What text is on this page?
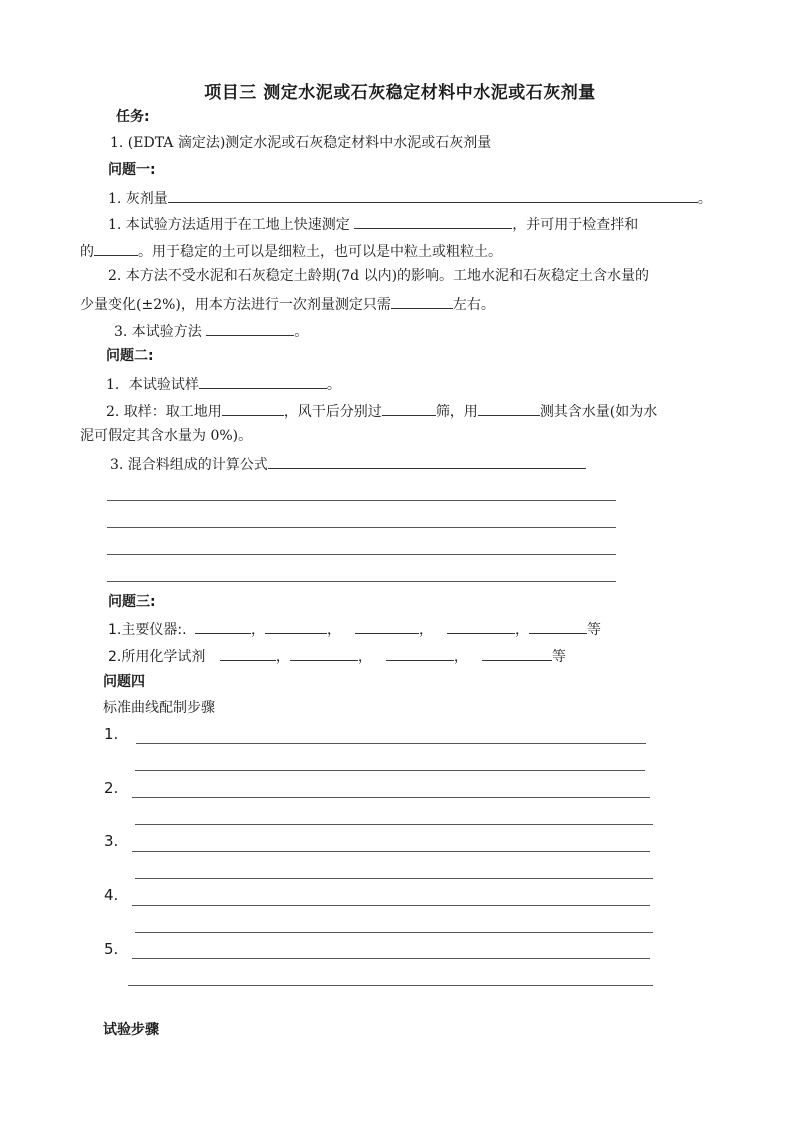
项目三 测定水泥或石灰稳定材料中水泥或石灰剂量
任务:
1. (EDTA 滴定法)测定水泥或石灰稳定材料中水泥或石灰剂量
问题一:
1. 灰剂量	。
1. 本试验方法适用于在工地上快速测定	，并可用于检查拌和
的	。用于稳定的土可以是细粒土，也可以是中粒土或粗粒土。
2. 本方法不受水泥和石灰稳定土龄期(7d 以内)的影响。工地水泥和石灰稳定土含水量的
少量变化(±2%)，用本方法进行一次剂量测定只需	左右。
3. 本试验方法	。
问题二:
1．本试验试样	。
2. 取样：取工地用	，风干后分别过	筛，用	测其含水量(如为水
泥可假定其含水量为 0%)。
3. 混合料组成的计算公式
问题三:
1.主要仪器:.	，	，	，	，	等
2.所用化学试剂	，	，	，	等
问题四
标准曲线配制步骤
1.
2.
3.
4.
5.
试验步骤
